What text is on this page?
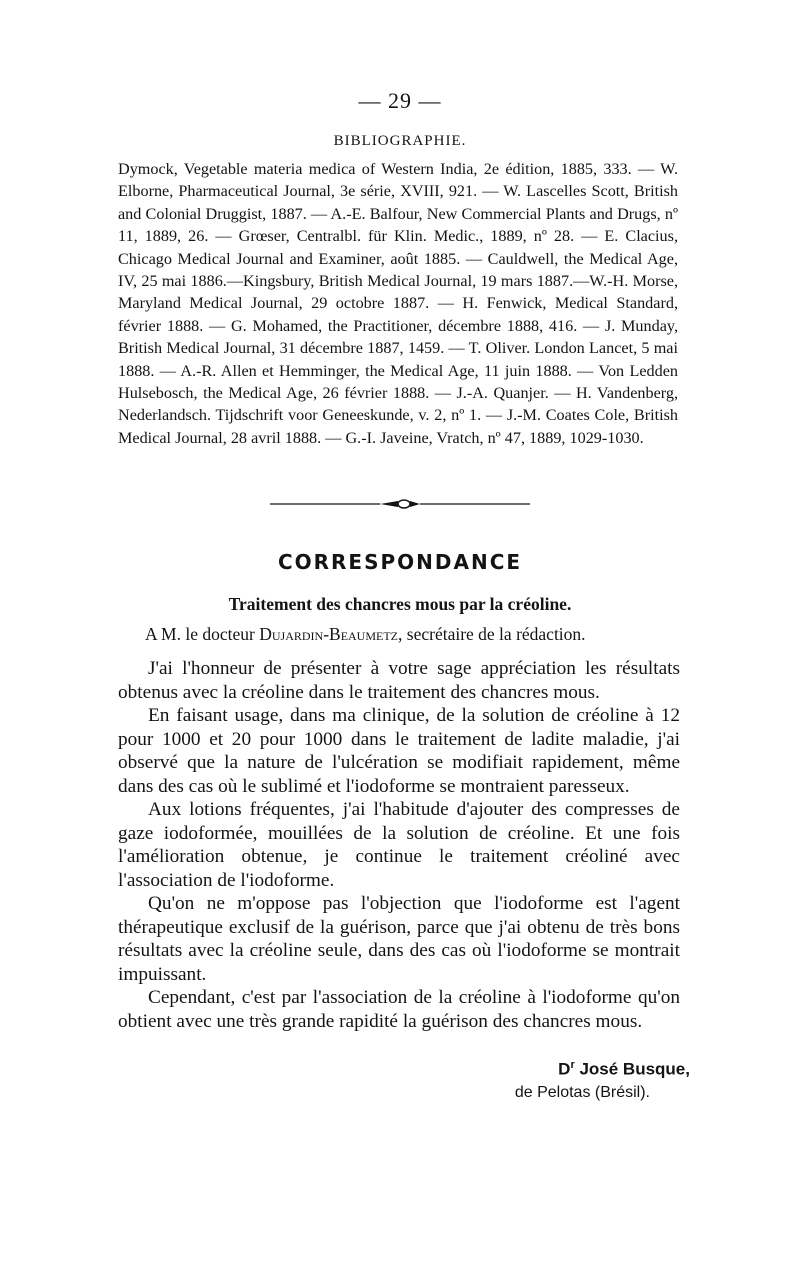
— 29 —
BIBLIOGRAPHIE.
Dymock, Vegetable materia medica of Western India, 2e édition, 1885, 333. — W. Elborne, Pharmaceutical Journal, 3e série, XVIII, 921. — W. Lascelles Scott, British and Colonial Druggist, 1887. — A.-E. Balfour, New Commercial Plants and Drugs, nº 11, 1889, 26. — Grœser, Centralbl. für Klin. Medic., 1889, nº 28. — E. Clacius, Chicago Medical Journal and Examiner, août 1885. — Cauldwell, the Medical Age, IV, 25 mai 1886.—Kingsbury, British Medical Journal, 19 mars 1887.—W.-H. Morse, Maryland Medical Journal, 29 octobre 1887. — H. Fenwick, Medical Standard, février 1888. — G. Mohamed, the Practitioner, décembre 1888, 416. — J. Munday, British Medical Journal, 31 décembre 1887, 1459. — T. Oliver. London Lancet, 5 mai 1888. — A.-R. Allen et Hemminger, the Medical Age, 11 juin 1888. — Von Ledden Hulsebosch, the Medical Age, 26 février 1888. — J.-A. Quanjer. — H. Vandenberg, Nederlandsch. Tijdschrift voor Geneeskunde, v. 2, nº 1. — J.-M. Coates Cole, British Medical Journal, 28 avril 1888. — G.-I. Javeine, Vratch, nº 47, 1889, 1029-1030.
CORRESPONDANCE
Traitement des chancres mous par la créoline.
A M. le docteur Dujardin-Beaumetz, secrétaire de la rédaction.

J'ai l'honneur de présenter à votre sage appréciation les résultats obtenus avec la créoline dans le traitement des chancres mous.

En faisant usage, dans ma clinique, de la solution de créoline à 12 pour 1000 et 20 pour 1000 dans le traitement de ladite maladie, j'ai observé que la nature de l'ulcération se modifiait rapidement, même dans des cas où le sublimé et l'iodoforme se montraient paresseux.

Aux lotions fréquentes, j'ai l'habitude d'ajouter des compresses de gaze iodoformée, mouillées de la solution de créoline. Et une fois l'amélioration obtenue, je continue le traitement créoliné avec l'association de l'iodoforme.

Qu'on ne m'oppose pas l'objection que l'iodoforme est l'agent thérapeutique exclusif de la guérison, parce que j'ai obtenu de très bons résultats avec la créoline seule, dans des cas où l'iodoforme se montrait impuissant.

Cependant, c'est par l'association de la créoline à l'iodoforme qu'on obtient avec une très grande rapidité la guérison des chancres mous.

$D^r$ José Busque,
de Pelotas (Brésil).
